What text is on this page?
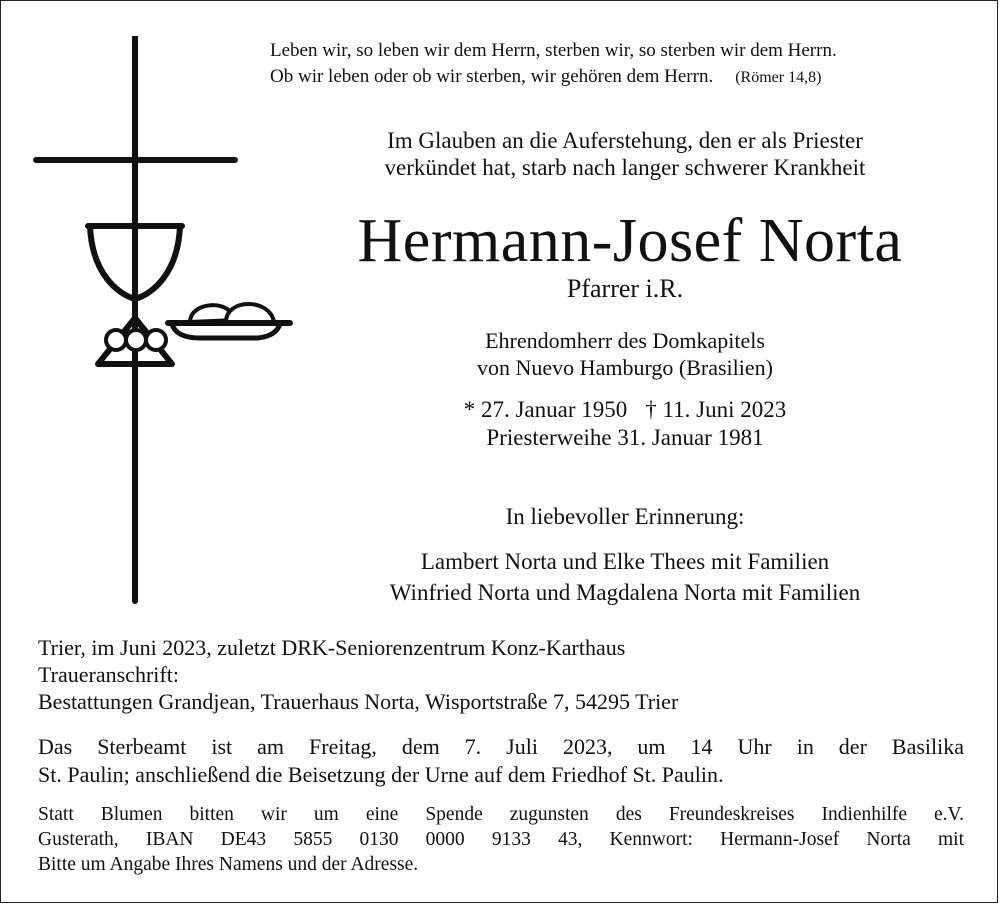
Leben wir, so leben wir dem Herrn, sterben wir, so sterben wir dem Herrn.
Ob wir leben oder ob wir sterben, wir gehören dem Herrn. (Römer 14,8)
Im Glauben an die Auferstehung, den er als Priester
verkündet hat, starb nach langer schwerer Krankheit
Hermann-Josef Norta
Pfarrer i.R.
Ehrendomherr des Domkapitels
von Nuevo Hamburgo (Brasilien)
* 27. Januar 1950 † 11. Juni 2023
Priesterweihe 31. Januar 1981
In liebevoller Erinnerung:
Lambert Norta und Elke Thees mit Familien
Winfried Norta und Magdalena Norta mit Familien
Trier, im Juni 2023, zuletzt DRK-Seniorenzentrum Konz-Karthaus
Traueranschrift:
Bestattungen Grandjean, Trauerhaus Norta, Wisportstraße 7, 54295 Trier
Das Sterbeamt ist am Freitag, dem 7. Juli 2023, um 14 Uhr in der Basilika
St. Paulin; anschließend die Beisetzung der Urne auf dem Friedhof St. Paulin.
Statt Blumen bitten wir um eine Spende zugunsten des Freundeskreises Indienhilfe e.V.
Gusterath, IBAN DE43 5855 0130 0000 9133 43, Kennwort: Hermann-Josef Norta mit
Bitte um Angabe Ihres Namens und der Adresse.
